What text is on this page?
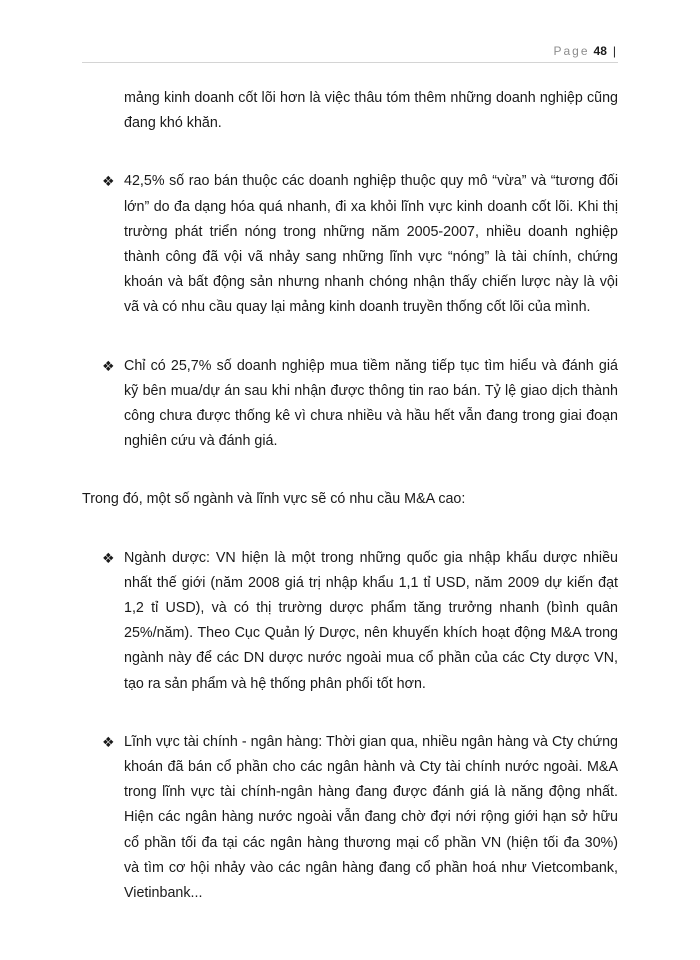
Page 48 |

mảng kinh doanh cốt lõi hơn là việc thâu tóm thêm những doanh nghiệp cũng đang khó khăn.

❖ 42,5% số rao bán thuộc các doanh nghiệp thuộc quy mô “vừa” và “tương đối lớn” do đa dạng hóa quá nhanh, đi xa khỏi lĩnh vực kinh doanh cốt lõi. Khi thị trường phát triển nóng trong những năm 2005-2007, nhiều doanh nghiệp thành công đã vội vã nhảy sang những lĩnh vực “nóng” là tài chính, chứng khoán và bất động sản nhưng nhanh chóng nhận thấy chiến lược này là vội vã và có nhu cầu quay lại mảng kinh doanh truyền thống cốt lõi của mình.

❖ Chỉ có 25,7% số doanh nghiệp mua tiềm năng tiếp tục tìm hiểu và đánh giá kỹ bên mua/dự án sau khi nhận được thông tin rao bán. Tỷ lệ giao dịch thành công chưa được thống kê vì chưa nhiều và hầu hết vẫn đang trong giai đoạn nghiên cứu và đánh giá.

Trong đó, một số ngành và lĩnh vực sẽ có nhu cầu M&A cao:

❖ Ngành dược: VN hiện là một trong những quốc gia nhập khẩu dược nhiều nhất thế giới (năm 2008 giá trị nhập khẩu 1,1 tỉ USD, năm 2009 dự kiến đạt 1,2 tỉ USD), và có thị trường dược phẩm tăng trưởng nhanh (bình quân 25%/năm). Theo Cục Quản lý Dược, nên khuyến khích hoạt động M&A trong ngành này để các DN dược nước ngoài mua cổ phần của các Cty dược VN, tạo ra sản phẩm và hệ thống phân phối tốt hơn.

❖ Lĩnh vực tài chính - ngân hàng: Thời gian qua, nhiều ngân hàng và Cty chứng khoán đã bán cổ phần cho các ngân hành và Cty tài chính nước ngoài. M&A trong lĩnh vực tài chính-ngân hàng đang được đánh giá là năng động nhất. Hiện các ngân hàng nước ngoài vẫn đang chờ đợi nới rộng giới hạn sở hữu cổ phần tối đa tại các ngân hàng thương mại cổ phần VN (hiện tối đa 30%) và tìm cơ hội nhảy vào các ngân hàng đang cổ phần hoá như Vietcombank, Vietinbank...
